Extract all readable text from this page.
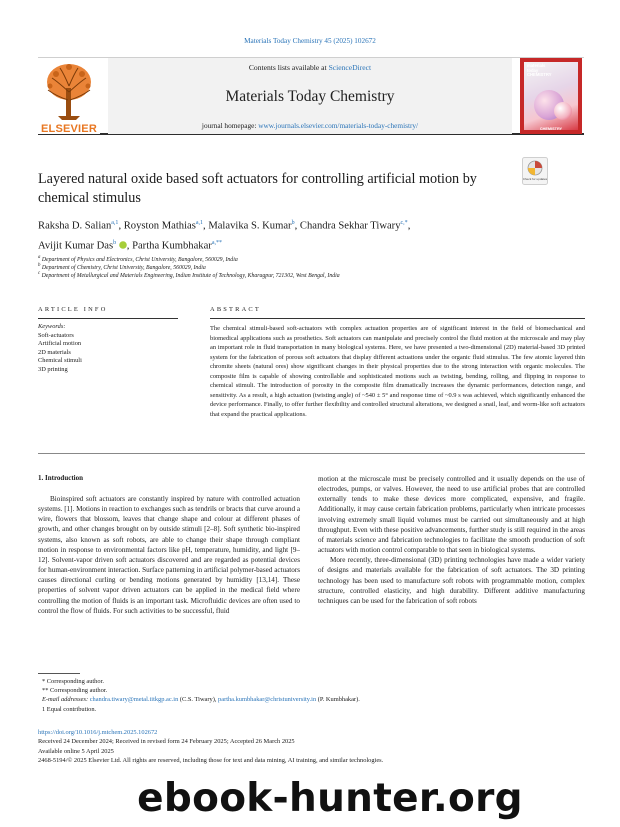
Materials Today Chemistry 45 (2025) 102672
ELSEVIER
Contents lists available at ScienceDirect
Materials Today Chemistry
journal homepage: www.journals.elsevier.com/materials-today-chemistry/
materials
today
CHEMISTRY
CHEMISTRY
Layered natural oxide based soft actuators for controlling artificial motion by chemical stimulus
Check for updates
Raksha D. Salian$^{a,1}$, Royston Mathias$^{a,1}$, Malavika S. Kumar$^b$, Chandra Sekhar Tiwary$^{c,*}$,
Avijit Kumar Das$^b$ , Partha Kumbhakar$^{a,**}$
$^a$ Department of Physics and Electronics, Christ University, Bangalore, 560029, India
$^b$ Department of Chemistry, Christ University, Bangalore, 560029, India
$^c$ Department of Metallurgical and Materials Engineering, Indian Institute of Technology, Kharagpur, 721302, West Bengal, India
ARTICLE INFO	ABSTRACT
Keywords:
Soft-actuators
Artificial motion
2D materials
Chemical stimuli
3D printing
The chemical stimuli-based soft-actuators with complex actuation properties are of significant interest in the field of biomechanical and biomedical applications such as prosthetics. Soft actuators can manipulate and precisely control the fluid motion at the microscale and may play an important role in fluid transportation in many biological systems. Here, we have presented a two-dimensional (2D) material-based 3D printed system for the fabrication of porous soft actuators that display different actuations under the organic fluid stimulus. The few atomic layered thin chromite sheets (natural ores) show significant changes in their physical properties due to the strong interaction with organic molecules. The composite film is capable of showing controllable and sophisticated motions such as twisting, bending, rolling, and flipping in response to chemical stimuli. The introduction of porosity in the composite film dramatically increases the dynamic performances, detection range, and sensitivity. As a result, a high actuation (twisting angle) of ~540 ± 5° and response time of ~0.9 s was achieved, which significantly enhanced the device performance. Finally, to offer further flexibility and controlled structural alterations, we designed a snail, leaf, and worm-like soft actuators that expand the practical applications.
1. Introduction

Bioinspired soft actuators are constantly inspired by nature with controlled actuation systems. [1]. Motions in reaction to exchanges such as tendrils or bracts that curve around a wire, flowers that blossom, leaves that change shape and colour at different phases of growth, and other changes brought on by outside stimuli [2–8]. Soft synthetic bio-inspired systems, also known as soft robots, are able to change their shape through compliant motion in response to environmental factors like pH, temperature, humidity, and light [9–12]. Solvent-vapor driven soft actuators discovered and are regarded as potential devices for human-environment interaction. Surface patterning in artificial polymer-based actuators causes directional curling or bending motions generated by humidity [13,14]. These properties of solvent vapor driven actuators can be applied in the medical field where controlling the motion of fluids is an important task. Microfluidic devices are often used to control the flow of fluids. For such activities to be successful, fluid

motion at the microscale must be precisely controlled and it usually depends on the use of electrodes, pumps, or valves. However, the need to use artificial probes that are controlled externally tends to make these devices more complicated, expensive, and fragile. Additionally, it may cause certain fabrication problems, particularly when intricate processes involving extremely small liquid volumes must be carried out simultaneously and at high throughput. Even with these positive advancements, further study is still required in the areas of materials science and fabrication technologies to facilitate the smooth production of soft actuators with motion control comparable to that seen in biological systems.

More recently, three-dimensional (3D) printing technologies have made a wider variety of designs and materials available for the fabrication of soft actuators. The 3D printing technology has been used to manufacture soft robots with programmable motion, complex structure, controlled elasticity, and high durability. Different additive manufacturing techniques can be used for the fabrication of soft robots

* Corresponding author.
** Corresponding author.
E-mail addresses: chandra.tiwary@metal.iitkgp.ac.in (C.S. Tiwary), partha.kumbhakar@christuniversity.in (P. Kumbhakar).
1 Equal contribution.
https://doi.org/10.1016/j.mtchem.2025.102672
Received 24 December 2024; Received in revised form 24 February 2025; Accepted 26 March 2025
Available online 5 April 2025
2468-5194/© 2025 Elsevier Ltd. All rights are reserved, including those for text and data mining, AI training, and similar technologies.
ebook-hunter.org
